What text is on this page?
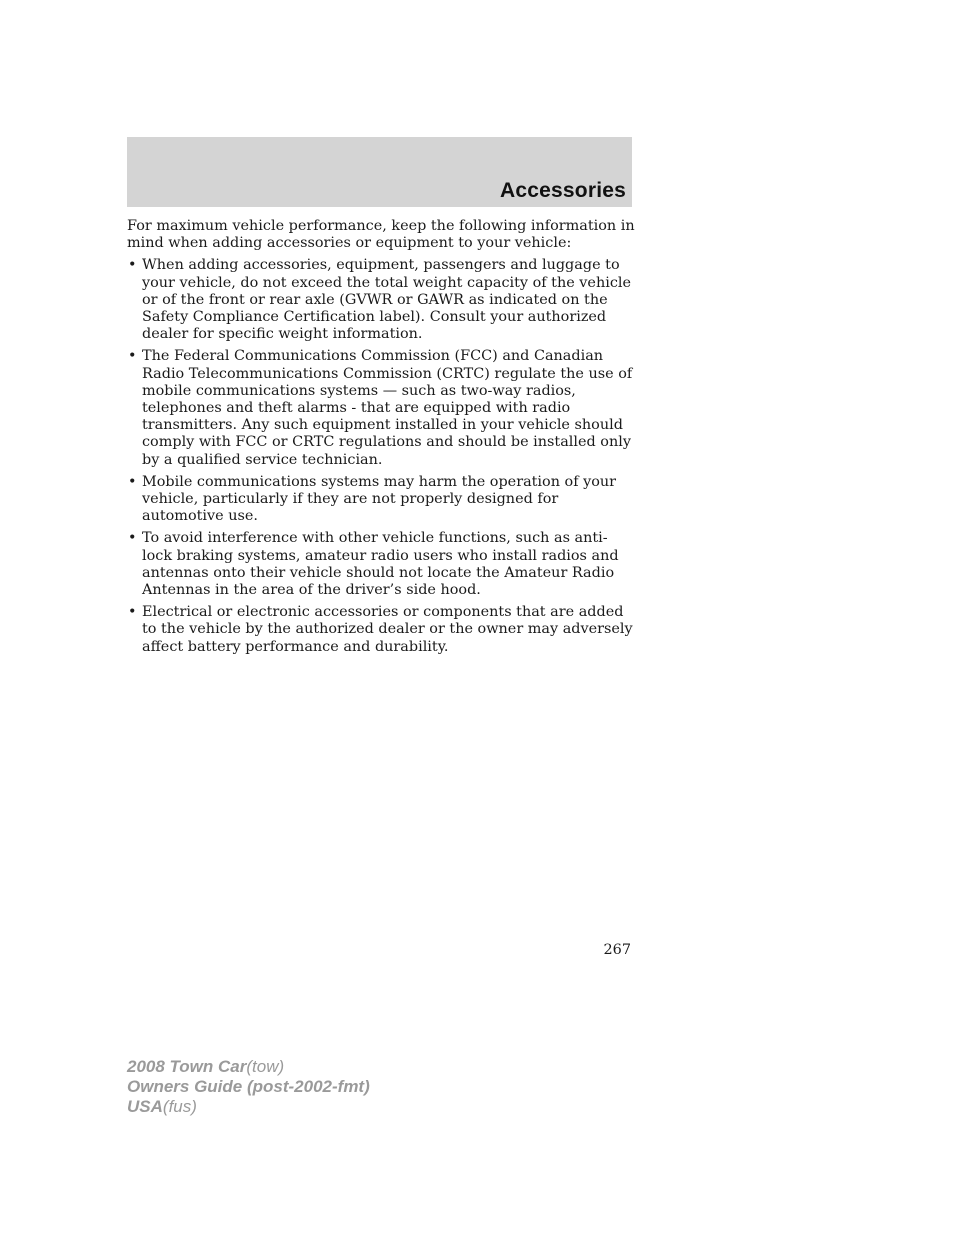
Accessories

For maximum vehicle performance, keep the following information in mind when adding accessories or equipment to your vehicle:

• When adding accessories, equipment, passengers and luggage to your vehicle, do not exceed the total weight capacity of the vehicle or of the front or rear axle (GVWR or GAWR as indicated on the Safety Compliance Certification label). Consult your authorized dealer for specific weight information.
• The Federal Communications Commission (FCC) and Canadian Radio Telecommunications Commission (CRTC) regulate the use of mobile communications systems — such as two-way radios, telephones and theft alarms - that are equipped with radio transmitters. Any such equipment installed in your vehicle should comply with FCC or CRTC regulations and should be installed only by a qualified service technician.
• Mobile communications systems may harm the operation of your vehicle, particularly if they are not properly designed for automotive use.
• To avoid interference with other vehicle functions, such as anti-lock braking systems, amateur radio users who install radios and antennas onto their vehicle should not locate the Amateur Radio Antennas in the area of the driver’s side hood.
• Electrical or electronic accessories or components that are added to the vehicle by the authorized dealer or the owner may adversely affect battery performance and durability.
267
2008 Town Car(tow)
Owners Guide (post-2002-fmt)
USA(fus)
